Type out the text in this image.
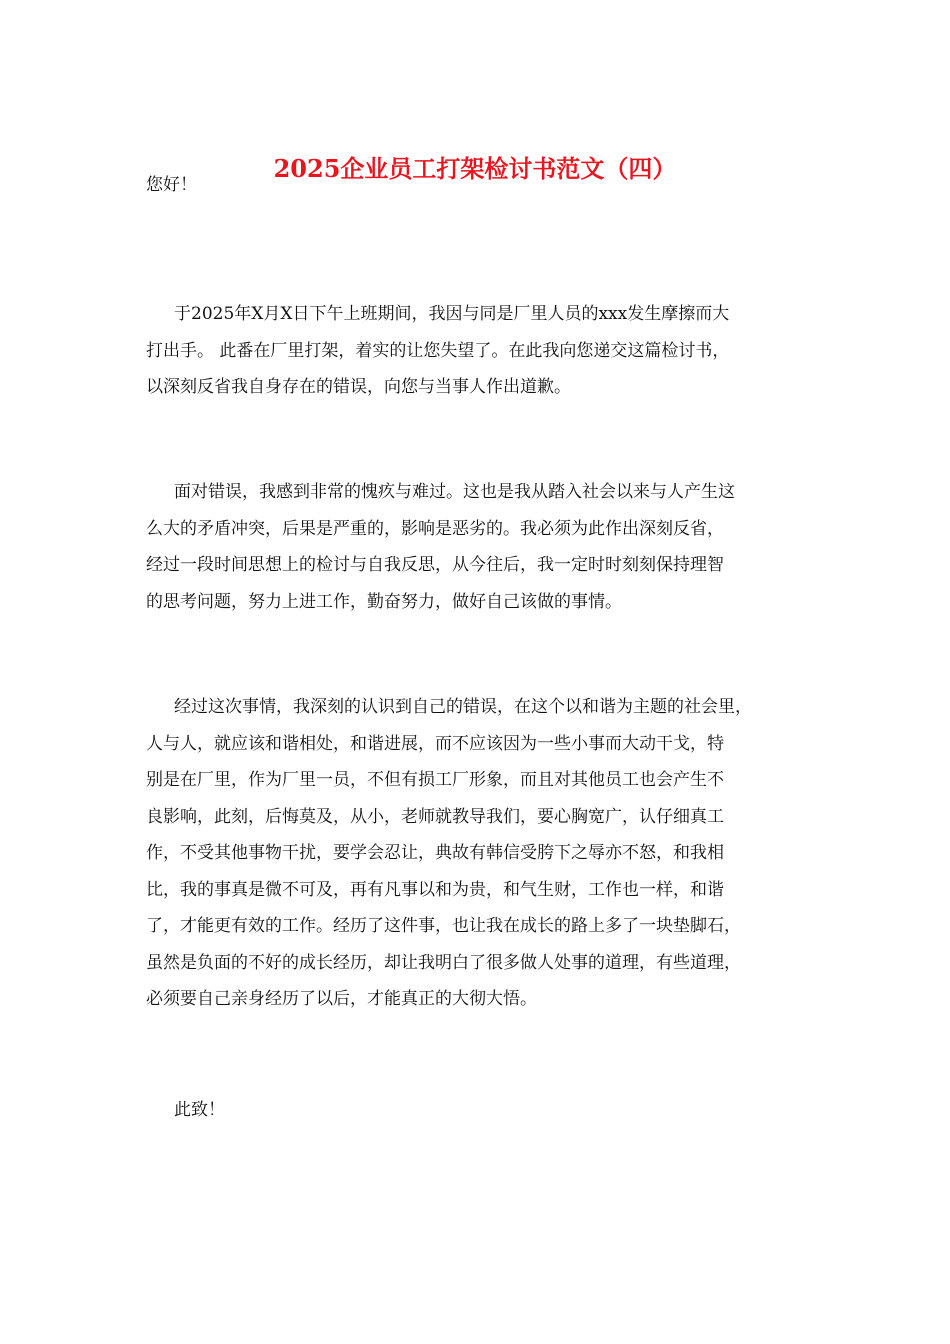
2025企业员工打架检讨书范文（四）
您好！
于2025年X月X日下午上班期间，我因与同是厂里人员的xxx发生摩擦而大
打出手。 此番在厂里打架，着实的让您失望了。在此我向您递交这篇检讨书，
以深刻反省我自身存在的错误，向您与当事人作出道歉。
面对错误，我感到非常的愧疚与难过。这也是我从踏入社会以来与人产生这
么大的矛盾冲突，后果是严重的，影响是恶劣的。我必须为此作出深刻反省，
经过一段时间思想上的检讨与自我反思，从今往后，我一定时时刻刻保持理智
的思考问题，努力上进工作，勤奋努力，做好自己该做的事情。
经过这次事情，我深刻的认识到自己的错误，在这个以和谐为主题的社会里，
人与人，就应该和谐相处，和谐进展，而不应该因为一些小事而大动干戈，特
别是在厂里，作为厂里一员，不但有损工厂形象，而且对其他员工也会产生不
良影响，此刻，后悔莫及，从小，老师就教导我们，要心胸宽广，认仔细真工
作，不受其他事物干扰，要学会忍让，典故有韩信受胯下之辱亦不怒，和我相
比，我的事真是微不可及，再有凡事以和为贵，和气生财，工作也一样，和谐
了，才能更有效的工作。经历了这件事，也让我在成长的路上多了一块垫脚石，
虽然是负面的不好的成长经历，却让我明白了很多做人处事的道理，有些道理，
必须要自己亲身经历了以后，才能真正的大彻大悟。
此致！
